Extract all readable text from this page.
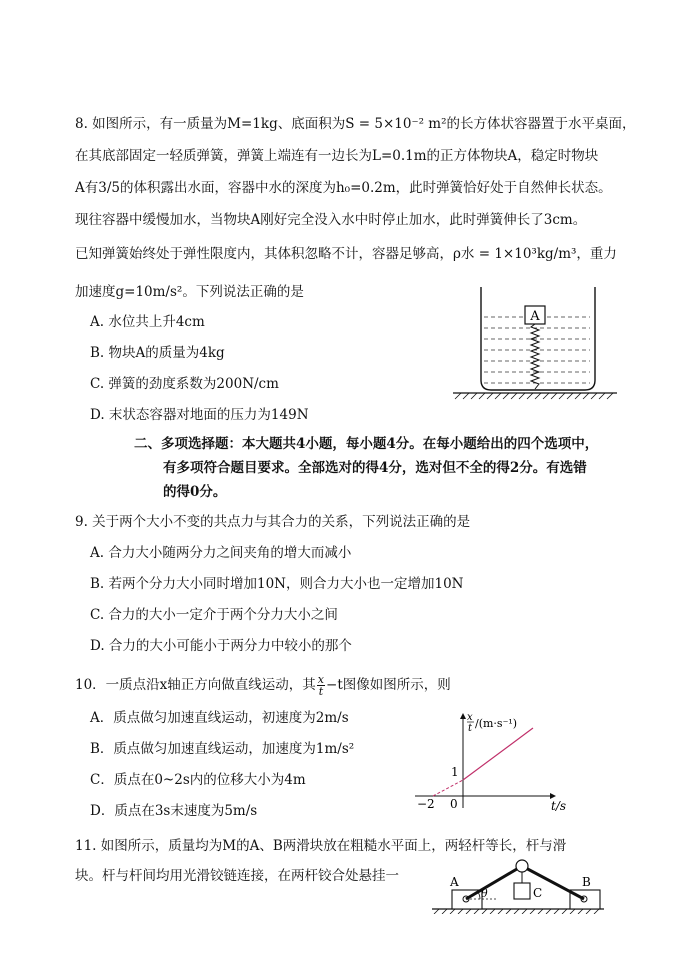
8. 如图所示，有一质量为M=1kg、底面积为S = 5×10⁻² m²的长方体状容器置于水平桌面，
在其底部固定一轻质弹簧，弹簧上端连有一边长为L=0.1m的正方体物块A，稳定时物块
A有3/5的体积露出水面，容器中水的深度为h₀=0.2m，此时弹簧恰好处于自然伸长状态。
现往容器中缓慢加水，当物块A刚好完全没入水中时停止加水，此时弹簧伸长了3cm。
已知弹簧始终处于弹性限度内，其体积忽略不计，容器足够高，ρ水 = 1×10³kg/m³，重力
加速度g=10m/s²。下列说法正确的是
A. 水位共上升4cm
B. 物块A的质量为4kg
C. 弹簧的劲度系数为200N/cm
D. 末状态容器对地面的压力为149N
A
二、多项选择题：本大题共4小题，每小题4分。在每小题给出的四个选项中，
有多项符合题目要求。全部选对的得4分，选对但不全的得2分。有选错
的得0分。
9. 关于两个大小不变的共点力与其合力的关系，下列说法正确的是
A. 合力大小随两分力之间夹角的增大而减小
B. 若两个分力大小同时增加10N，则合力大小也一定增加10N
C. 合力的大小一定介于两个分力大小之间
D. 合力的大小可能小于两分力中较小的那个
10．一质点沿x轴正方向做直线运动，其 $\frac{x}{t} -t$图像如图所示，则
A．质点做匀加速直线运动，初速度为2m/s
B．质点做匀加速直线运动，加速度为1m/s²
C．质点在0~2s内的位移大小为4m
D．质点在3s末速度为5m/s
x
t /(m·s⁻¹)
1
0
−2	t/s
11. 如图所示，质量均为M的A、B两滑块放在粗糙水平面上，两轻杆等长，杆与滑
块。杆与杆间均用光滑铰链连接，在两杆铰合处悬挂一	A	B
C
θ
